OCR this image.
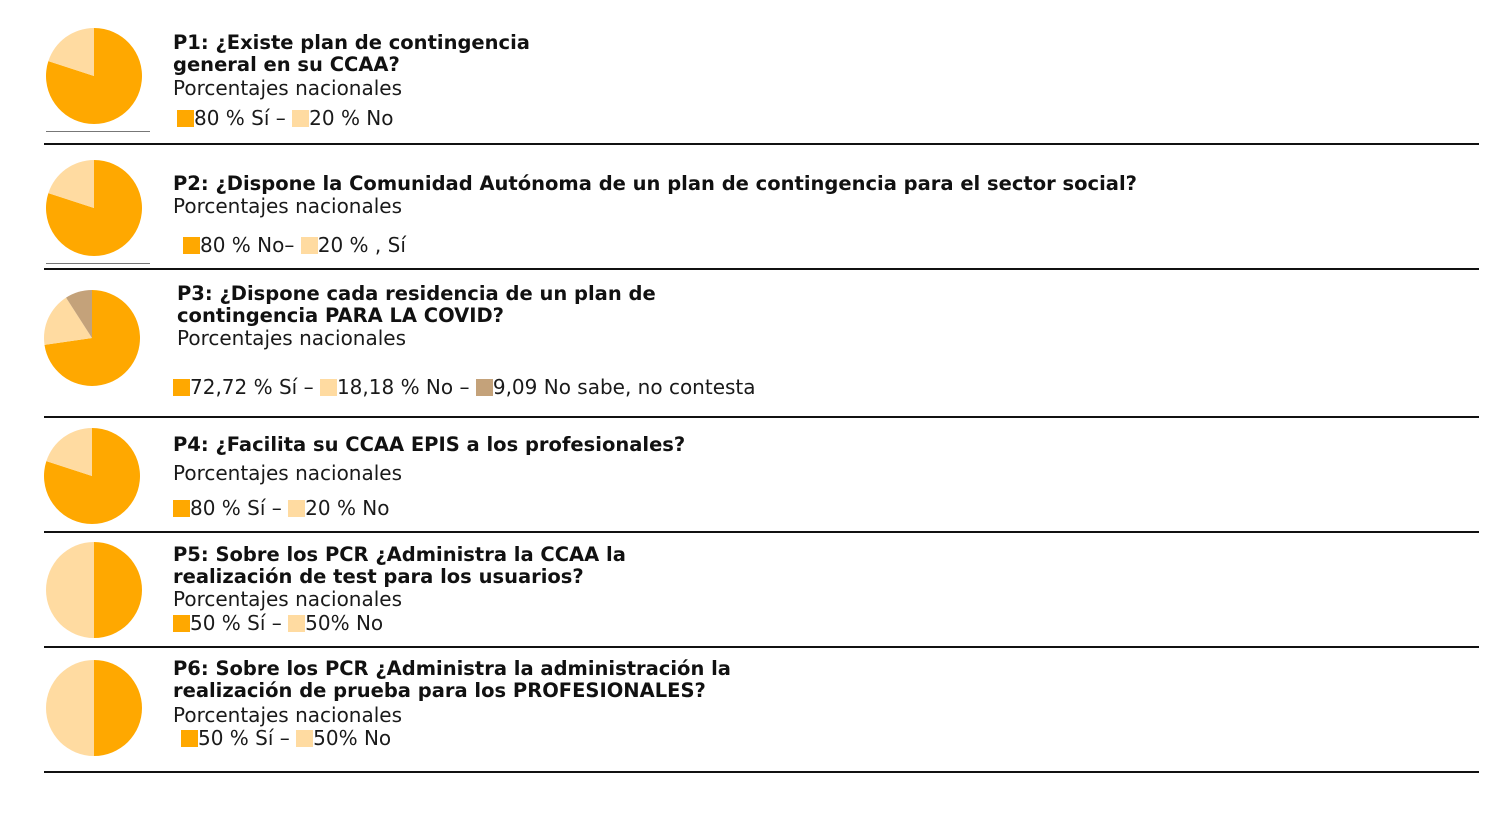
P1: ¿Existe plan de contingencia
general en su CCAA?
Porcentajes nacionales
80 % Sí – 20 % No
P2: ¿Dispone la Comunidad Autónoma de un plan de contingencia para el sector social?
Porcentajes nacionales
80 % No– 20 % , Sí
P3: ¿Dispone cada residencia de un plan de
contingencia PARA LA COVID?
Porcentajes nacionales
72,72 % Sí – 18,18 % No – 9,09 No sabe, no contesta
P4: ¿Facilita su CCAA EPIS a los profesionales?
Porcentajes nacionales
80 % Sí – 20 % No
P5: Sobre los PCR ¿Administra la CCAA la
realización de test para los usuarios?
Porcentajes nacionales
50 % Sí – 50% No
P6: Sobre los PCR ¿Administra la administración la
realización de prueba para los PROFESIONALES?
Porcentajes nacionales
50 % Sí – 50% No
